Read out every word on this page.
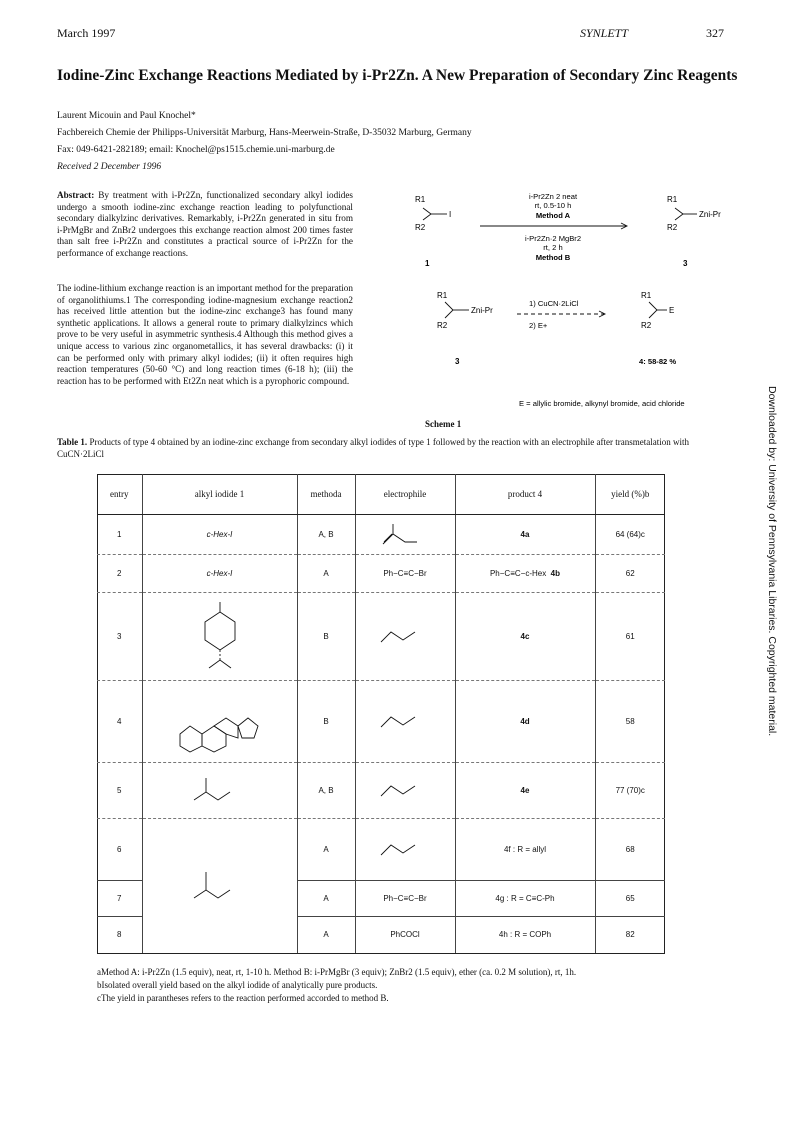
March 1997	SYNLETT	327
Iodine-Zinc Exchange Reactions Mediated by i-Pr2Zn. A New Preparation of Secondary Zinc Reagents
Laurent Micouin and Paul Knochel*
Fachbereich Chemie der Philipps-Universität Marburg, Hans-Meerwein-Straße, D-35032 Marburg, Germany
Fax: 049-6421-282189; email: Knochel@ps1515.chemie.uni-marburg.de
Received 2 December 1996
Abstract: By treatment with i-Pr2Zn, functionalized secondary alkyl iodides undergo a smooth iodine-zinc exchange reaction leading to polyfunctional secondary dialkylzinc derivatives. Remarkably, i-Pr2Zn generated in situ from i-PrMgBr and ZnBr2 undergoes this exchange reaction almost 200 times faster than salt free i-Pr2Zn and constitutes a practical source of i-Pr2Zn for the performance of exchange reactions.
The iodine-lithium exchange reaction is an important method for the preparation of organolithiums.1 The corresponding iodine-magnesium exchange reaction2 has received little attention but the iodine-zinc exchange3 has found many synthetic applications. It allows a general route to primary dialkylzincs which prove to be very useful in asymmetric synthesis.4 Although this method gives a unique access to various zinc organometallics, it has several drawbacks: (i) it can be performed only with primary alkyl iodides; (ii) it often requires high reaction temperatures (50-60 °C) and long reaction times (6-18 h); (iii) the reaction has to be performed with Et2Zn neat which is a pyrophoric compound.
R1
R2
I
1
i-Pr2Zn 2 neat
rt, 0.5-10 h
Method A
i-Pr2Zn·2 MgBr2
rt, 2 h
Method B
R1
R2
Zni-Pr
3
R1
R2
Zni-Pr
3
1) CuCN·2LiCl
2) E+
R1
R2
E
4: 58-82 %
E = allylic bromide, alkynyl bromide, acid chloride
Scheme 1
Table 1. Products of type 4 obtained by an iodine-zinc exchange from secondary alkyl iodides of type 1 followed by the reaction with an electrophile after transmetalation with CuCN·2LiCl
entry	alkyl iodide 1	methoda	electrophile	product 4	yield (%)b
1	c-Hex-I	A, B		4a	64 (64)c
2	c-Hex-I	A	Ph−C≡C−Br	Ph−C≡C−c-Hex 4b	62
3		B		4c	61
4		B		4d	58
5		A, B		4e	77 (70)c
6		A		4f : R = allyl	68
7		A	Ph−C≡C−Br	4g : R = C≡C-Ph	65
8		A	PhCOCl	4h : R = COPh	82
aMethod A: i-Pr2Zn (1.5 equiv), neat, rt, 1-10 h. Method B: i-PrMgBr (3 equiv); ZnBr2 (1.5 equiv), ether (ca. 0.2 M solution), rt, 1h.
bIsolated overall yield based on the alkyl iodide of analytically pure products.
cThe yield in parantheses refers to the reaction performed accorded to method B.
Downloaded by: University of Pennsylvania Libraries. Copyrighted material.
